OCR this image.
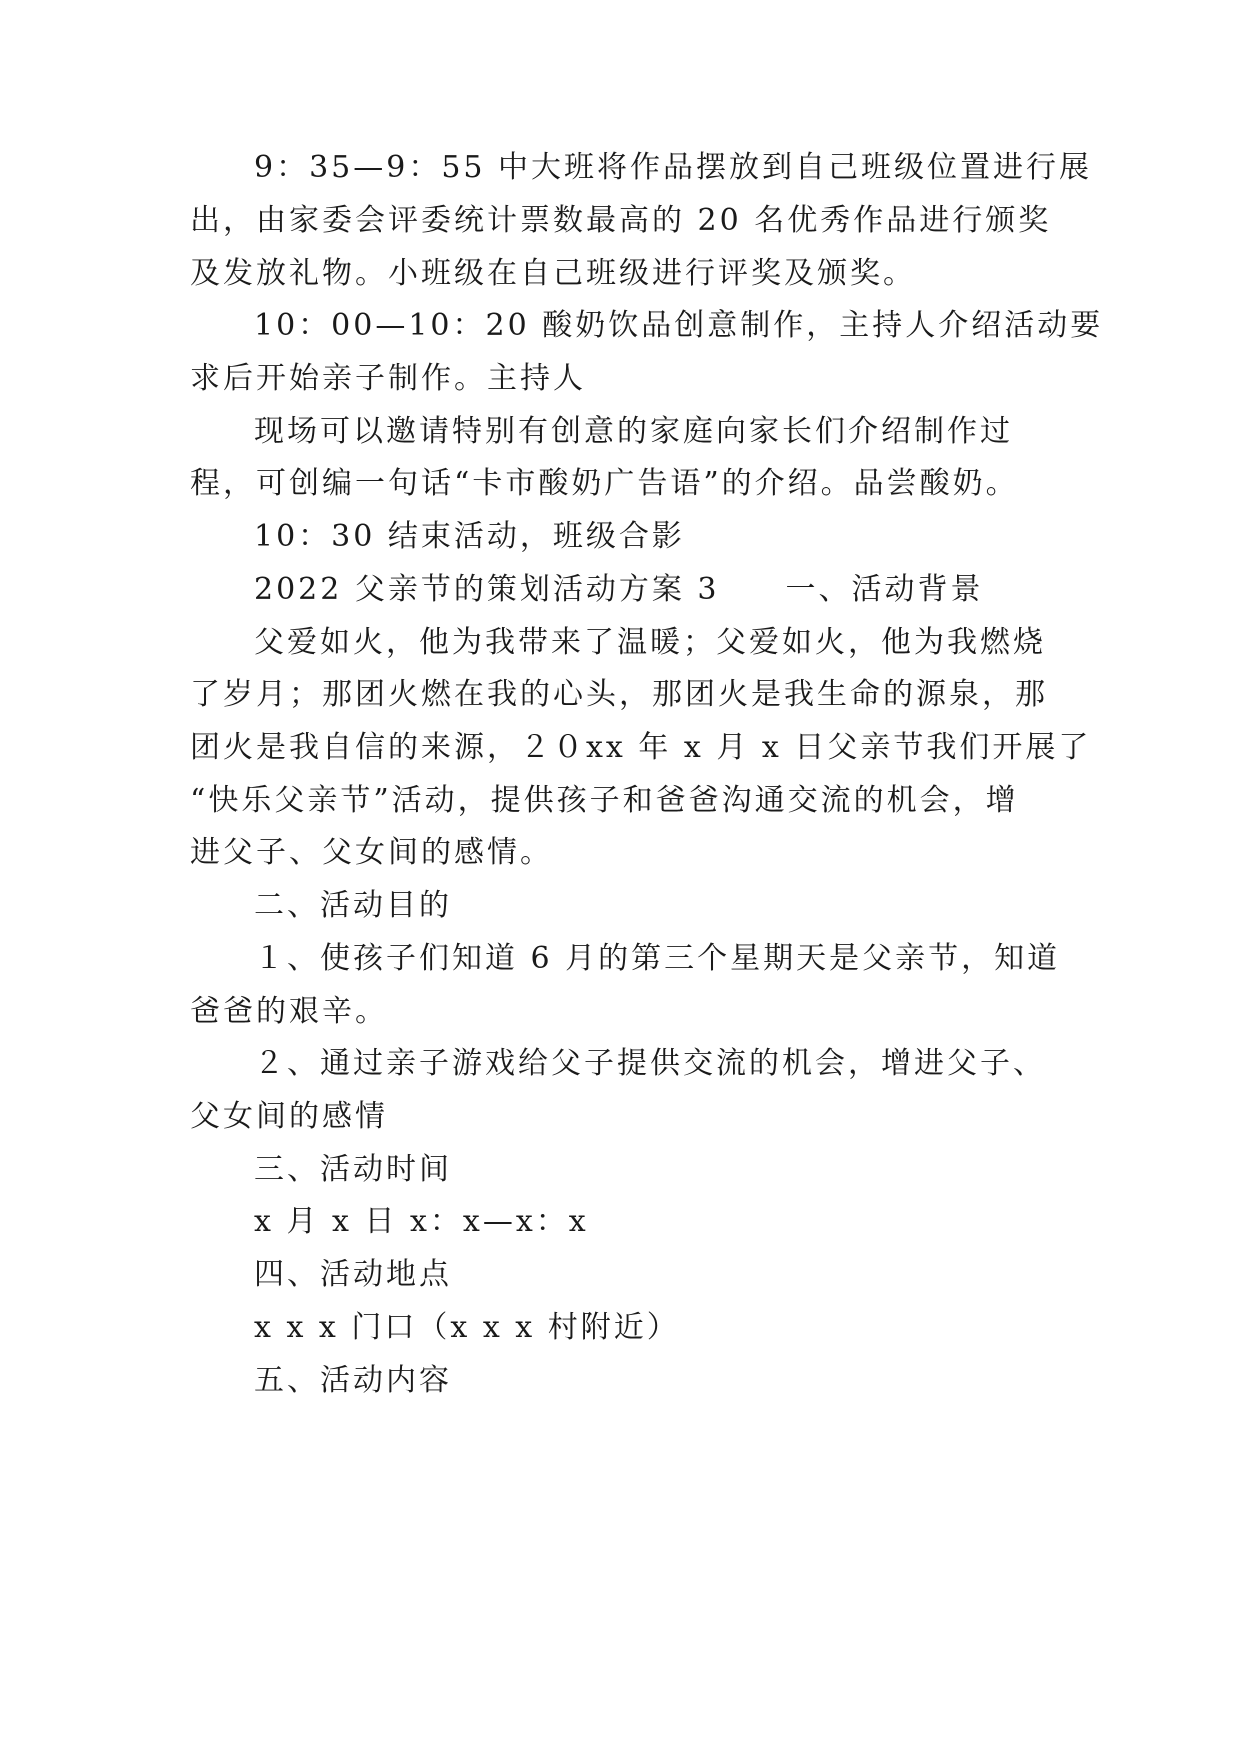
9：35—9：55 中大班将作品摆放到自己班级位置进行展
出，由家委会评委统计票数最高的 20 名优秀作品进行颁奖
及发放礼物。小班级在自己班级进行评奖及颁奖。
10：00—10：20 酸奶饮品创意制作，主持人介绍活动要
求后开始亲子制作。主持人
现场可以邀请特别有创意的家庭向家长们介绍制作过
程，可创编一句话“卡市酸奶广告语”的介绍。品尝酸奶。
10：30 结束活动，班级合影
2022 父亲节的策划活动方案 3　　一、活动背景
父爱如火，他为我带来了温暖；父爱如火，他为我燃烧
了岁月；那团火燃在我的心头，那团火是我生命的源泉，那
团火是我自信的来源，２０xx 年 x 月 x 日父亲节我们开展了
“快乐父亲节”活动，提供孩子和爸爸沟通交流的机会，增
进父子、父女间的感情。
二、活动目的
１、使孩子们知道 6 月的第三个星期天是父亲节，知道
爸爸的艰辛。
２、通过亲子游戏给父子提供交流的机会，增进父子、
父女间的感情
三、活动时间
x 月 x 日 x：x—x：x
四、活动地点
x x x 门口（x x x 村附近）
五、活动内容
